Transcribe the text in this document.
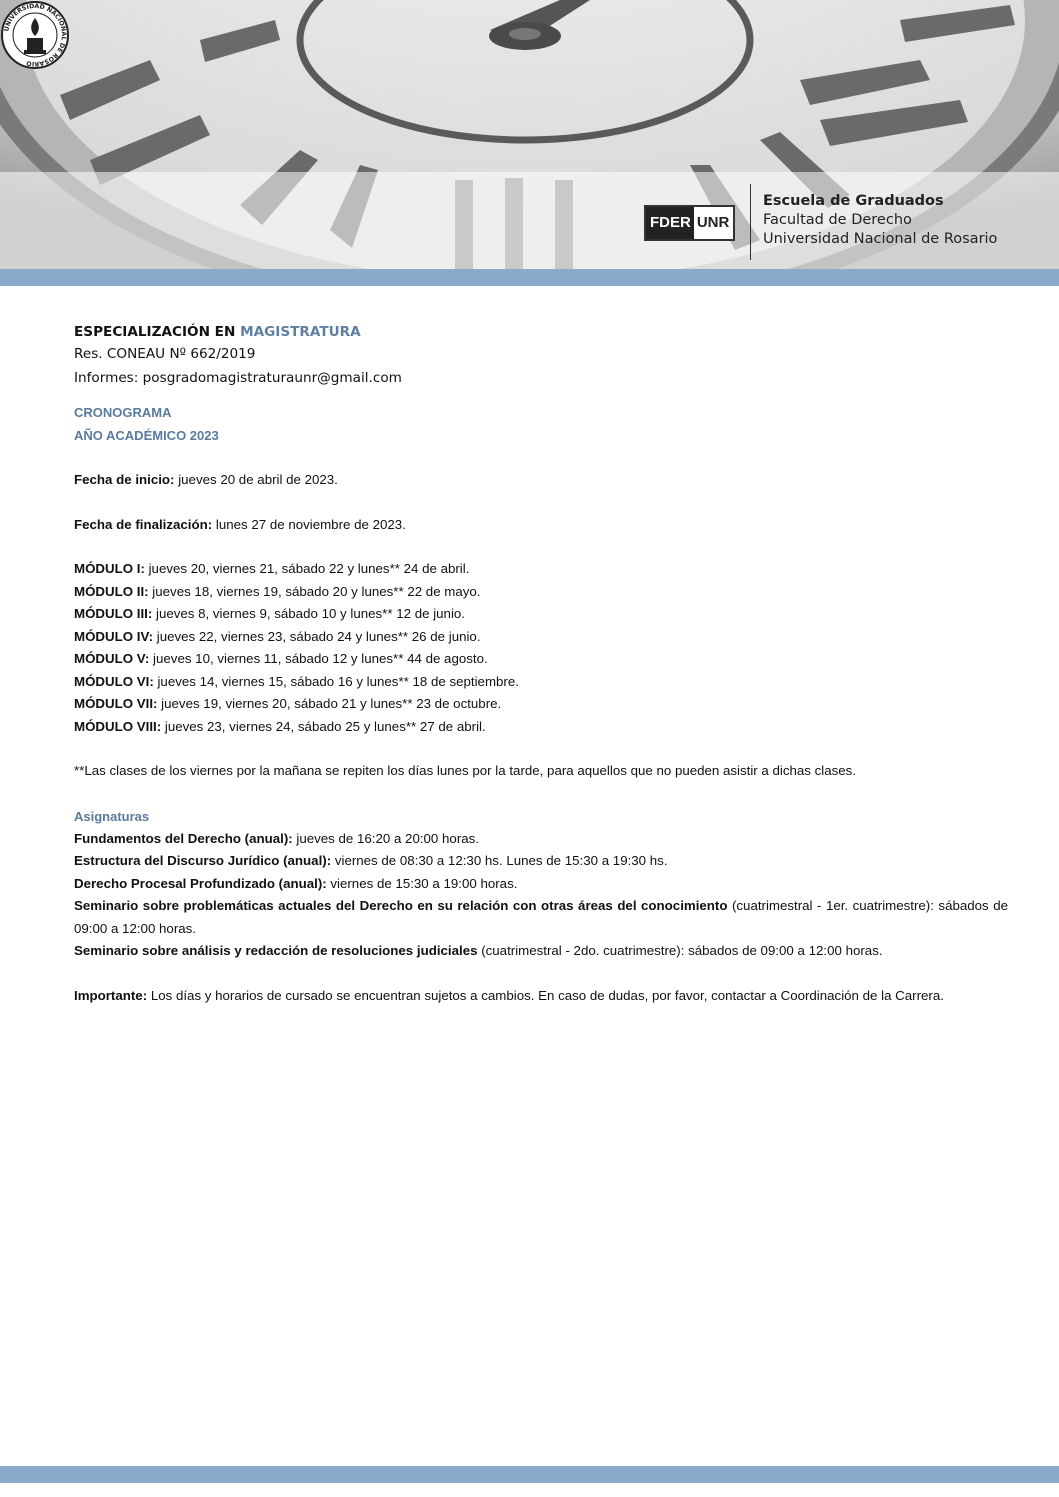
UNIVERSIDAD NACIONAL DE ROSARIO
FDER UNR
Escuela de Graduados
Facultad de Derecho
Universidad Nacional de Rosario

ESPECIALIZACIÓN EN MAGISTRATURA

Res. CONEAU Nº 662/2019

Informes: posgradomagistraturaunr@gmail.com

CRONOGRAMA

AÑO ACADÉMICO 2023

Fecha de inicio: jueves 20 de abril de 2023.

Fecha de finalización: lunes 27 de noviembre de 2023.

MÓDULO I: jueves 20, viernes 21, sábado 22 y lunes** 24 de abril.

MÓDULO II: jueves 18, viernes 19, sábado 20 y lunes** 22 de mayo.

MÓDULO III: jueves 8, viernes 9, sábado 10 y lunes** 12 de junio.

MÓDULO IV: jueves 22, viernes 23, sábado 24 y lunes** 26 de junio.

MÓDULO V: jueves 10, viernes 11, sábado 12 y lunes** 44 de agosto.

MÓDULO VI: jueves 14, viernes 15, sábado 16 y lunes** 18 de septiembre.

MÓDULO VII: jueves 19, viernes 20, sábado 21 y lunes** 23 de octubre.

MÓDULO VIII: jueves 23, viernes 24, sábado 25 y lunes** 27 de abril.

**Las clases de los viernes por la mañana se repiten los días lunes por la tarde, para aquellos que no pueden asistir a dichas clases.

Asignaturas

Fundamentos del Derecho (anual): jueves de 16:20 a 20:00 horas.

Estructura del Discurso Jurídico (anual): viernes de 08:30 a 12:30 hs. Lunes de 15:30 a 19:30 hs.

Derecho Procesal Profundizado (anual): viernes de 15:30 a 19:00 horas.

Seminario sobre problemáticas actuales del Derecho en su relación con otras áreas del conocimiento (cuatrimestral - 1er. cuatrimestre): sábados de 09:00 a 12:00 horas.

Seminario sobre análisis y redacción de resoluciones judiciales (cuatrimestral - 2do. cuatrimestre): sábados de 09:00 a 12:00 horas.

Importante: Los días y horarios de cursado se encuentran sujetos a cambios. En caso de dudas, por favor, contactar a Coordinación de la Carrera.
